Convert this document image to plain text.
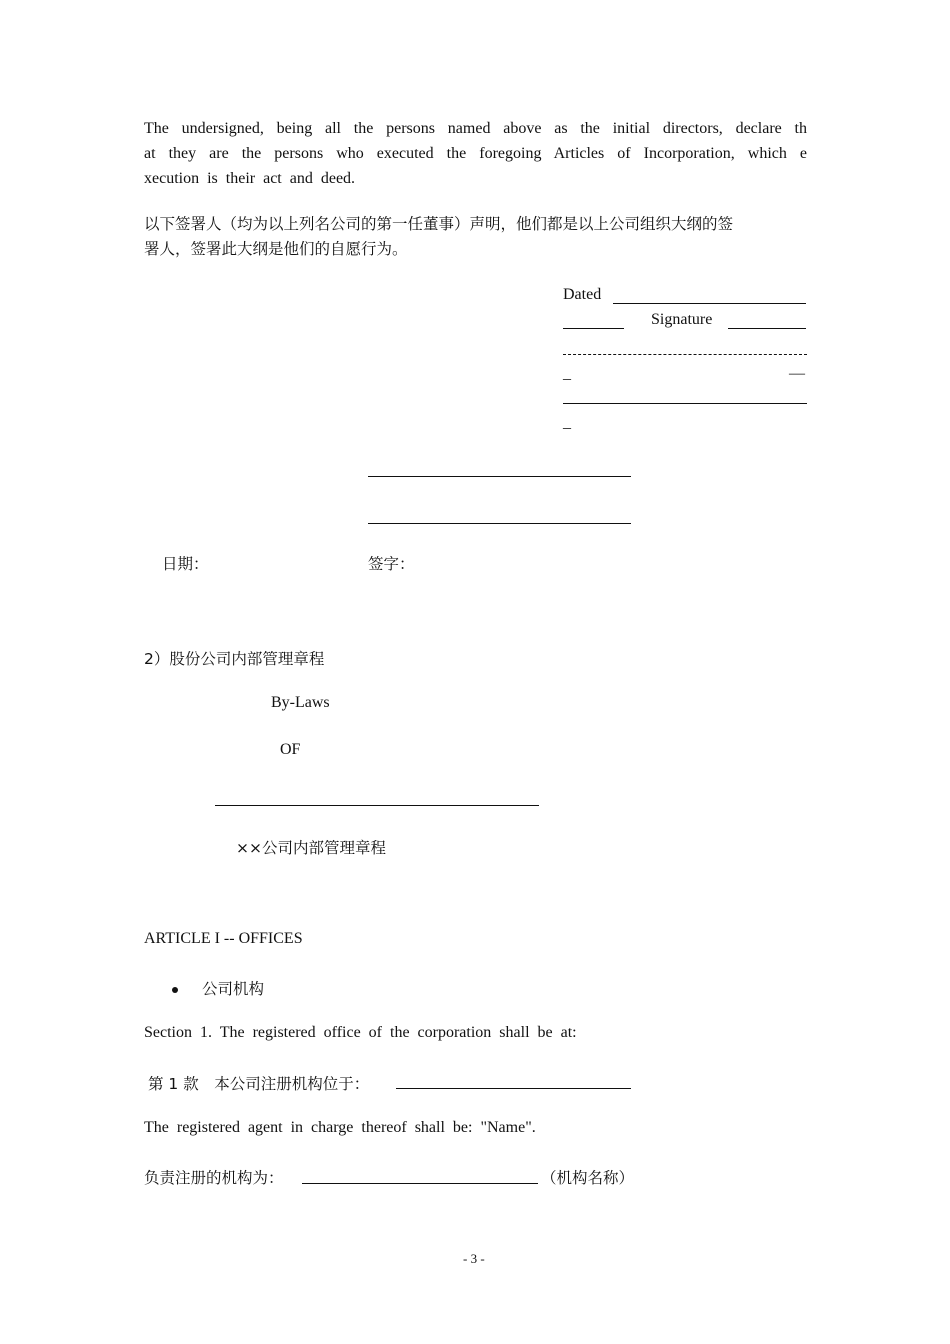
The undersigned, being all the persons named above as the initial directors, declare th
at they are the persons who executed the foregoing Articles of Incorporation, which e
xecution is their act and deed.
以下签署人（均为以上列名公司的第一任董事）声明，他们都是以上公司组织大纲的签
署人，签署此大纲是他们的自愿行为。
Dated
Signature
_	—
_
日期：	签字：
2）股份公司内部管理章程
By-Laws
OF
××公司内部管理章程
ARTICLE I -- OFFICES
公司机构
Section 1. The registered office of the corporation shall be at:
第 1 款　本公司注册机构位于：
The registered agent in charge thereof shall be: "Name".
负责注册的机构为：	（机构名称）
- 3 -
